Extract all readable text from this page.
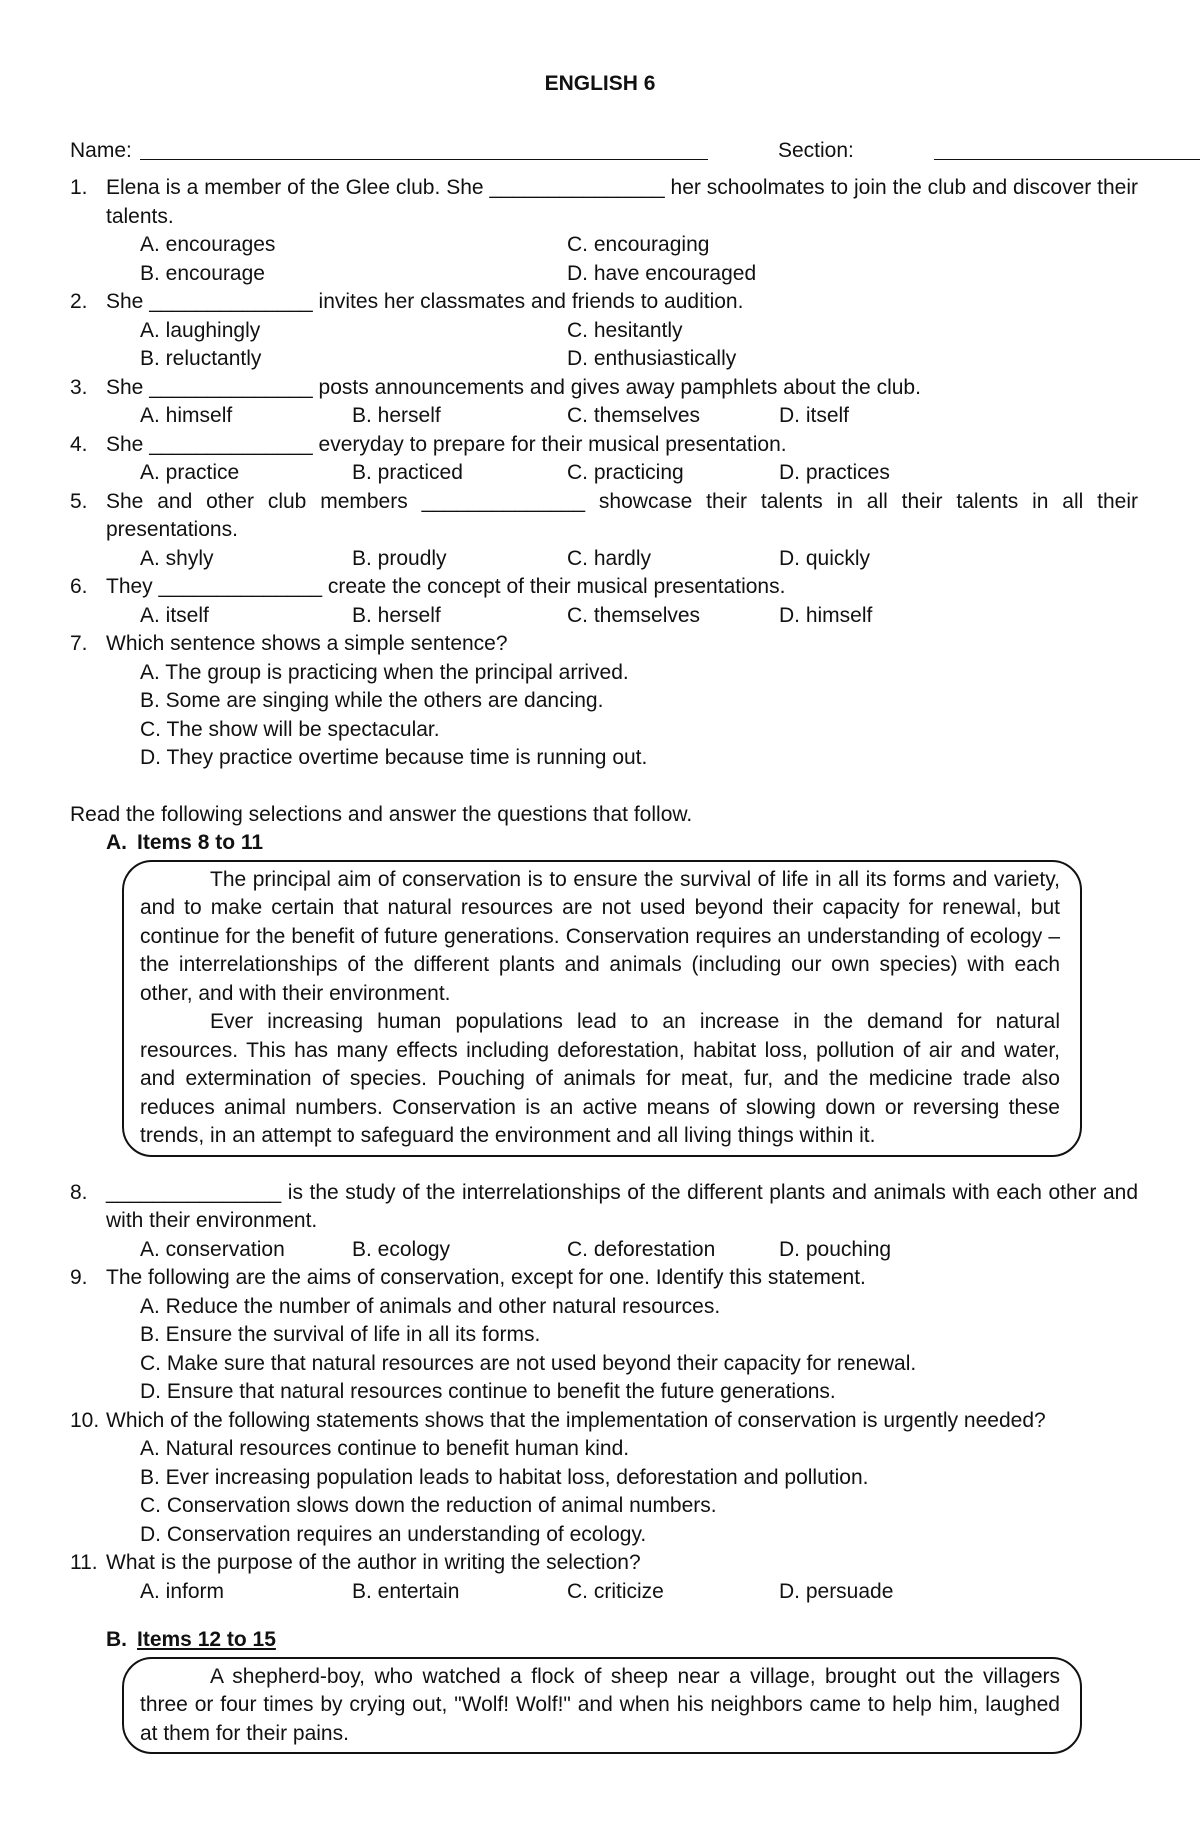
ENGLISH 6
Name:	Section:
1. Elena is a member of the Glee club. She _______________ her schoolmates to join the club and discover their talents.
A. encourages	C. encouraging
B. encourage	D. have encouraged
2. She ______________ invites her classmates and friends to audition.
A. laughingly	C. hesitantly
B. reluctantly	D. enthusiastically
3. She ______________ posts announcements and gives away pamphlets about the club.
A. himself	B. herself	C. themselves	D. itself
4. She ______________ everyday to prepare for their musical presentation.
A. practice	B. practiced	C. practicing	D. practices
5. She and other club members ______________ showcase their talents in all their talents in all their presentations.
A. shyly	B. proudly	C. hardly	D. quickly
6. They ______________ create the concept of their musical presentations.
A. itself	B. herself	C. themselves	D. himself
7. Which sentence shows a simple sentence?
A. The group is practicing when the principal arrived.
B. Some are singing while the others are dancing.
C. The show will be spectacular.
D. They practice overtime because time is running out.
Read the following selections and answer the questions that follow.
A. Items 8 to 11

The principal aim of conservation is to ensure the survival of life in all its forms and variety, and to make certain that natural resources are not used beyond their capacity for renewal, but continue for the benefit of future generations. Conservation requires an understanding of ecology – the interrelationships of the different plants and animals (including our own species) with each other, and with their environment.

Ever increasing human populations lead to an increase in the demand for natural resources. This has many effects including deforestation, habitat loss, pollution of air and water, and extermination of species. Pouching of animals for meat, fur, and the medicine trade also reduces animal numbers. Conservation is an active means of slowing down or reversing these trends, in an attempt to safeguard the environment and all living things within it.

8. _______________ is the study of the interrelationships of the different plants and animals with each other and with their environment.
A. conservation	B. ecology	C. deforestation	D. pouching
9. The following are the aims of conservation, except for one. Identify this statement.
A. Reduce the number of animals and other natural resources.
B. Ensure the survival of life in all its forms.
C. Make sure that natural resources are not used beyond their capacity for renewal.
D. Ensure that natural resources continue to benefit the future generations.
10. Which of the following statements shows that the implementation of conservation is urgently needed?
A. Natural resources continue to benefit human kind.
B. Ever increasing population leads to habitat loss, deforestation and pollution.
C. Conservation slows down the reduction of animal numbers.
D. Conservation requires an understanding of ecology.
11. What is the purpose of the author in writing the selection?
A. inform	B. entertain	C. criticize	D. persuade
B. Items 12 to 15

A shepherd-boy, who watched a flock of sheep near a village, brought out the villagers three or four times by crying out, "Wolf! Wolf!" and when his neighbors came to help him, laughed at them for their pains.
